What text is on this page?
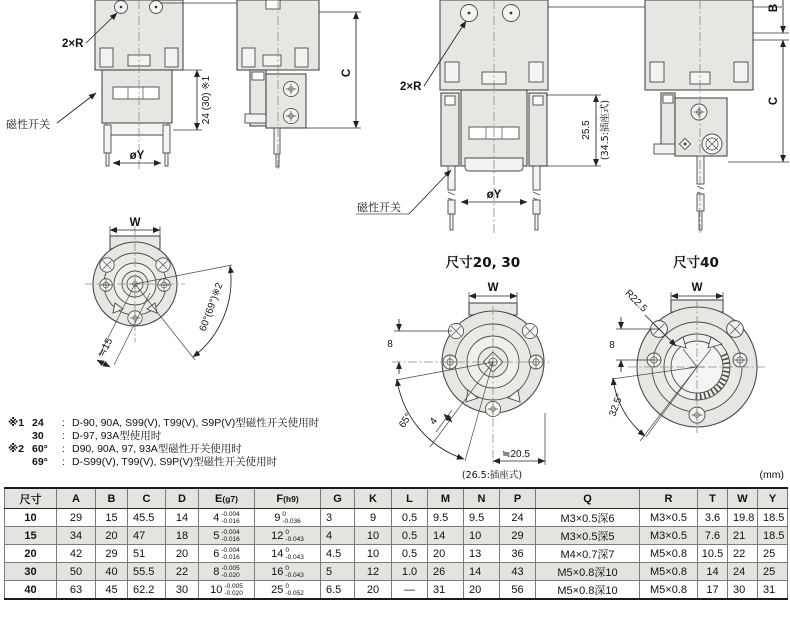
2×R
磁性开关
24 (30) ※1
øY
C
2×R
磁性开关
øY
25.5 (34.5:插座式)
B
C
W
≒15
60°(69°)※2
尺寸20, 30
W
8
65° 4
≒20.5
(26.5:插座式)
尺寸40
W
R22.5
8
32.5°
※1 24	: D-90, 90A, S99(V), T99(V), S9P(V)型磁性开关使用时
30	: D-97, 93A型使用时
※2 60°	: D90, 90A, 97, 93A型磁性开关使用时
69°	: D-S99(V), T99(V), S9P(V)型磁性开关使用时
(mm)
尺寸	A	B	C	D	E(g7)	F(h9)	G	K	L	M	N	P	Q	R	T	W	Y
10	29	15	45.5	14	4 -0.004
-0.016	9 0
-0.036	3	9	0.5	9.5	9.5	24	M3×0.5深6	M3×0.5	3.6	19.8	18.5
15	34	20	47	18	5 -0.004
-0.016	12 0
-0.043	4	10	0.5	14	10	29	M3×0.5深5	M3×0.5	7.6	21	18.5
20	42	29	51	20	6 -0.004
-0.016	14 0
-0.043	4.5	10	0.5	20	13	36	M4×0.7深7	M5×0.8	10.5	22	25
30	50	40	55.5	22	8 -0.005
-0.020	16 0
-0.043	5	12	1.0	26	14	43	M5×0.8深10	M5×0.8	14	24	25
40	63	45	62.2	30	10 -0.005
-0.020	25 0
-0.052	6.5	20	—	31	20	56	M5×0.8深10	M5×0.8	17	30	31
